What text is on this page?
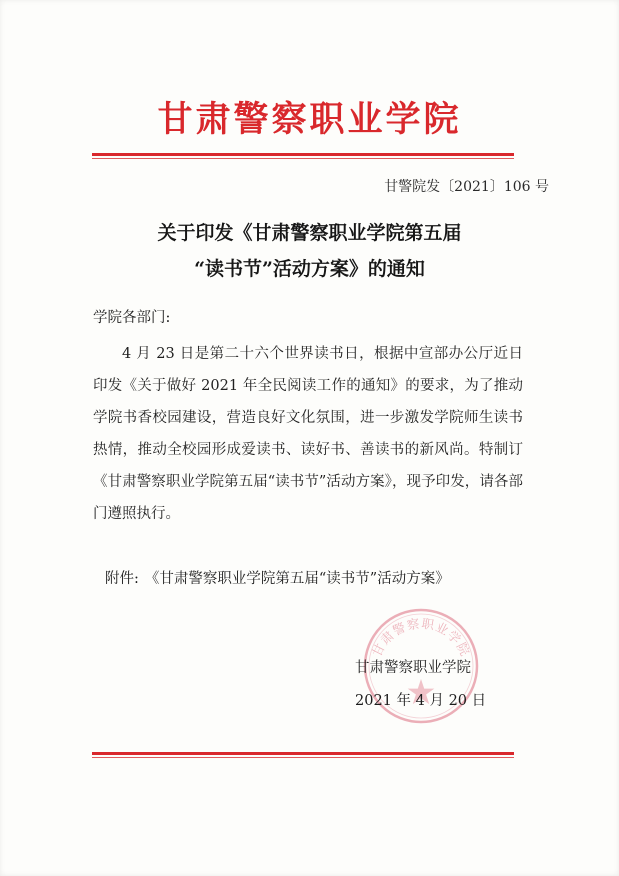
甘肃警察职业学院
甘警院发〔2021〕106 号
关于印发《甘肃警察职业学院第五届
“读书节”活动方案》的通知
学院各部门:
4 月 23 日是第二十六个世界读书日，根据中宣部办公厅近日印发《关于做好 2021 年全民阅读工作的通知》的要求，为了推动学院书香校园建设，营造良好文化氛围，进一步激发学院师生读书热情，推动全校园形成爱读书、读好书、善读书的新风尚。特制订《甘肃警察职业学院第五届“读书节”活动方案》，现予印发，请各部门遵照执行。
附件: 《甘肃警察职业学院第五届“读书节”活动方案》
甘肃警察职业学院
甘肃警察职业学院
2021 年 4 月 20 日
